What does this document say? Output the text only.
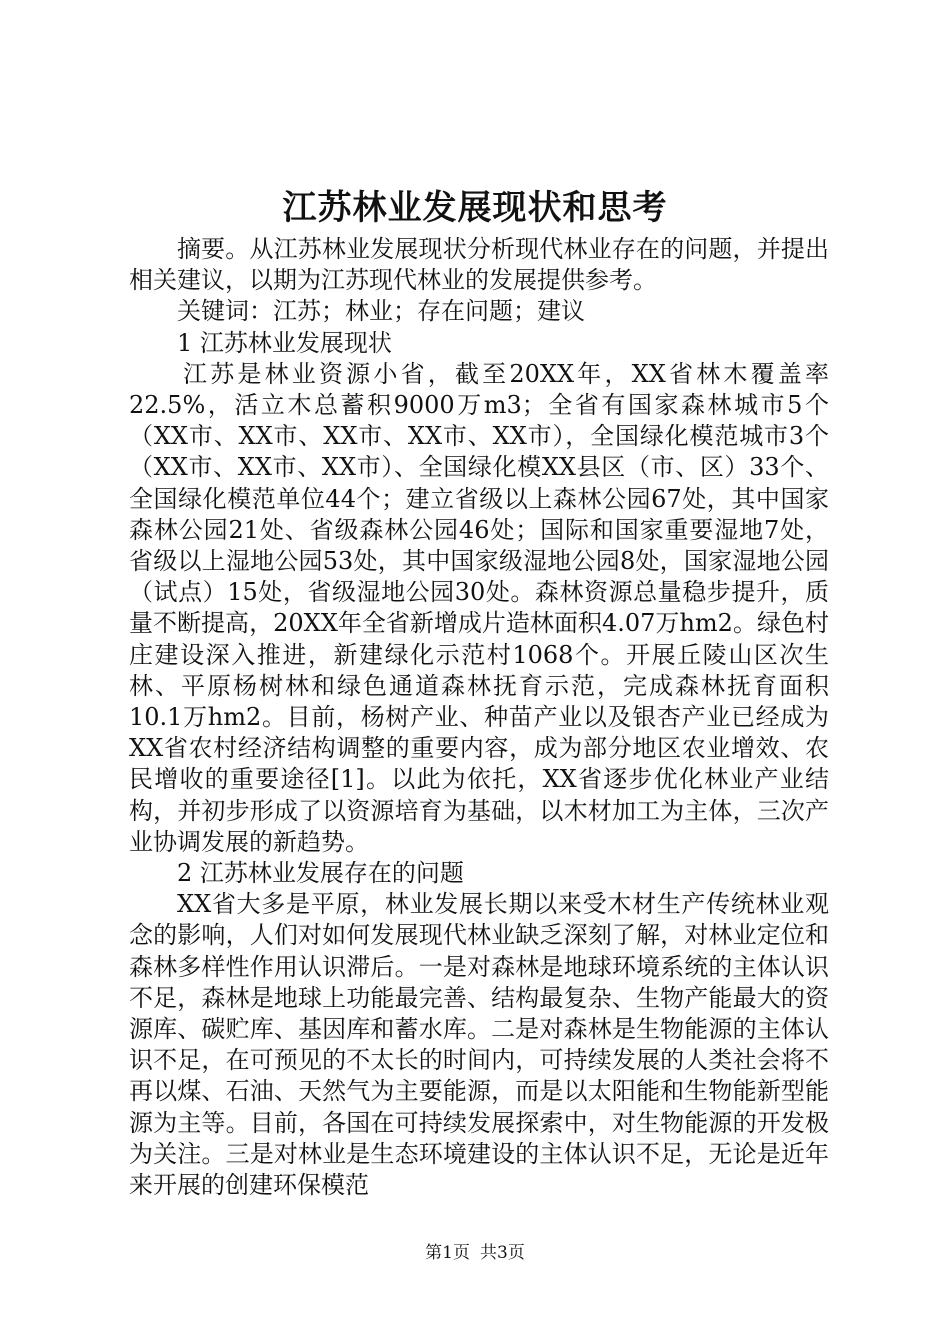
江苏林业发展现状和思考

摘要。从江苏林业发展现状分析现代林业存在的问题，并提出相关建议，以期为江苏现代林业的发展提供参考。

关键词：江苏；林业；存在问题；建议

1 江苏林业发展现状

江苏是林业资源小省，截至20XX年，XX省林木覆盖率22.5%，活立木总蓄积9000万m3；全省有国家森林城市5个（XX市、XX市、XX市、XX市、XX市），全国绿化模范城市3个（XX市、XX市、XX市）、全国绿化模XX县区（市、区）33个、全国绿化模范单位44个；建立省级以上森林公园67处，其中国家森林公园21处、省级森林公园46处；国际和国家重要湿地7处，省级以上湿地公园53处，其中国家级湿地公园8处，国家湿地公园（试点）15处，省级湿地公园30处。森林资源总量稳步提升，质量不断提高，20XX年全省新增成片造林面积4.07万hm2。绿色村庄建设深入推进，新建绿化示范村1068个。开展丘陵山区次生林、平原杨树林和绿色通道森林抚育示范，完成森林抚育面积10.1万hm2。目前，杨树产业、种苗产业以及银杏产业已经成为XX省农村经济结构调整的重要内容，成为部分地区农业增效、农民增收的重要途径[1]。以此为依托，XX省逐步优化林业产业结构，并初步形成了以资源培育为基础，以木材加工为主体，三次产业协调发展的新趋势。

2 江苏林业发展存在的问题

XX省大多是平原，林业发展长期以来受木材生产传统林业观念的影响，人们对如何发展现代林业缺乏深刻了解，对林业定位和森林多样性作用认识滞后。一是对森林是地球环境系统的主体认识不足，森林是地球上功能最完善、结构最复杂、生物产能最大的资源库、碳贮库、基因库和蓄水库。二是对森林是生物能源的主体认识不足，在可预见的不太长的时间内，可持续发展的人类社会将不再以煤、石油、天然气为主要能源，而是以太阳能和生物能新型能源为主等。目前，各国在可持续发展探索中，对生物能源的开发极为关注。三是对林业是生态环境建设的主体认识不足，无论是近年来开展的创建环保模范

第1页 共3页
